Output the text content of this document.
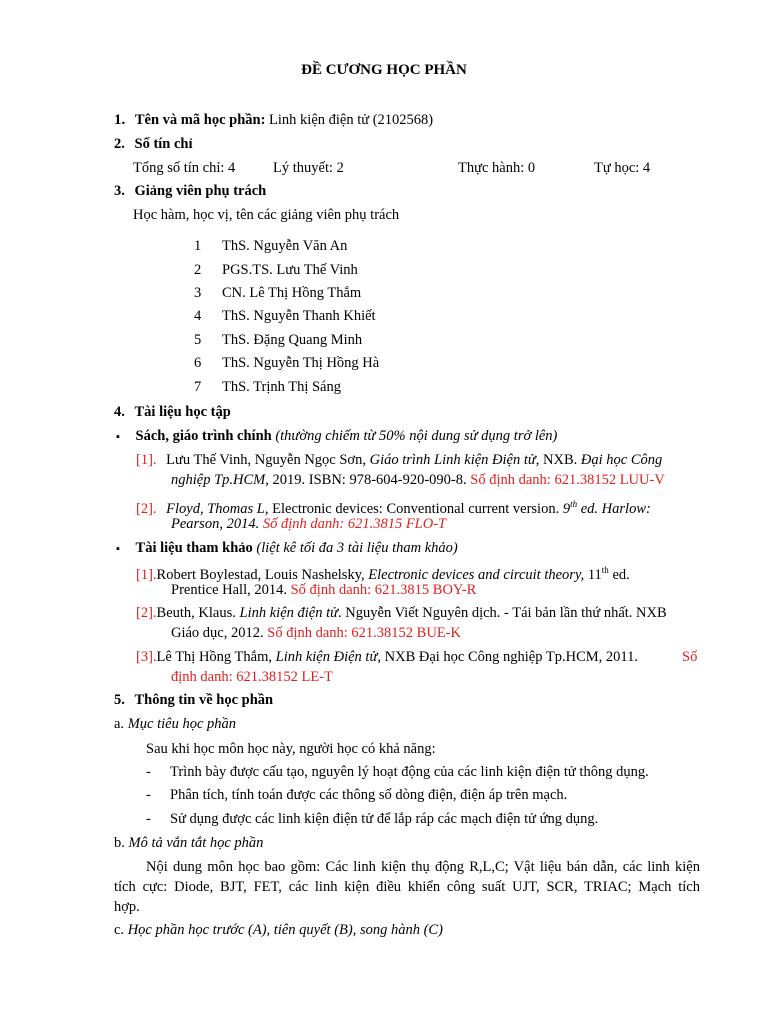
ĐỀ CƯƠNG HỌC PHẦN
1. Tên và mã học phần: Linh kiện điện tử (2102568)
2. Số tín chỉ
Tổng số tín chỉ: 4	Lý thuyết: 2	Thực hành: 0	Tự học: 4
3. Giảng viên phụ trách
Học hàm, học vị, tên các giảng viên phụ trách
1	ThS. Nguyễn Văn An
2	PGS.TS. Lưu Thế Vinh
3	CN. Lê Thị Hồng Thắm
4	ThS. Nguyễn Thanh Khiết
5	ThS. Đặng Quang Minh
6	ThS. Nguyễn Thị Hồng Hà
7	ThS. Trịnh Thị Sáng
4. Tài liệu học tập
▪ Sách, giáo trình chính (thường chiếm từ 50% nội dung sử dụng trở lên)
[1]. Lưu Thế Vinh, Nguyễn Ngọc Sơn, Giáo trình Linh kiện Điện tử, NXB. Đại học Công
nghiệp Tp.HCM, 2019. ISBN: 978-604-920-090-8. Số định danh: 621.38152 LUU-V
[2]. Floyd, Thomas L, Electronic devices: Conventional current version. 9th ed. Harlow:
Pearson, 2014. Số định danh: 621.3815 FLO-T
▪ Tài liệu tham khảo (liệt kê tối đa 3 tài liệu tham khảo)
[1].Robert Boylestad, Louis Nashelsky, Electronic devices and circuit theory, 11th ed.
Prentice Hall, 2014. Số định danh: 621.3815 BOY-R
[2].Beuth, Klaus. Linh kiện điện tử. Nguyễn Viết Nguyên dịch. - Tái bản lần thứ nhất. NXB
Giáo dục, 2012. Số định danh: 621.38152 BUE-K
[3].Lê Thị Hồng Thắm, Linh kiện Điện tử, NXB Đại học Công nghiệp Tp.HCM, 2011.	Số
định danh: 621.38152 LE-T
5. Thông tin về học phần
a. Mục tiêu học phần
Sau khi học môn học này, người học có khả năng:
- Trình bày được cấu tạo, nguyên lý hoạt động của các linh kiện điện tử thông dụng.
- Phân tích, tính toán được các thông số dòng điện, điện áp trên mạch.
- Sử dụng được các linh kiện điện tử để lắp ráp các mạch điện tử ứng dụng.
b. Mô tả vắn tắt học phần
Nội dung môn học bao gồm: Các linh kiện thụ động R,L,C; Vật liệu bán dẫn, các linh kiện
tích cực: Diode, BJT, FET, các linh kiện điều khiển công suất UJT, SCR, TRIAC; Mạch tích
hợp.
c. Học phần học trước (A), tiên quyết (B), song hành (C)
